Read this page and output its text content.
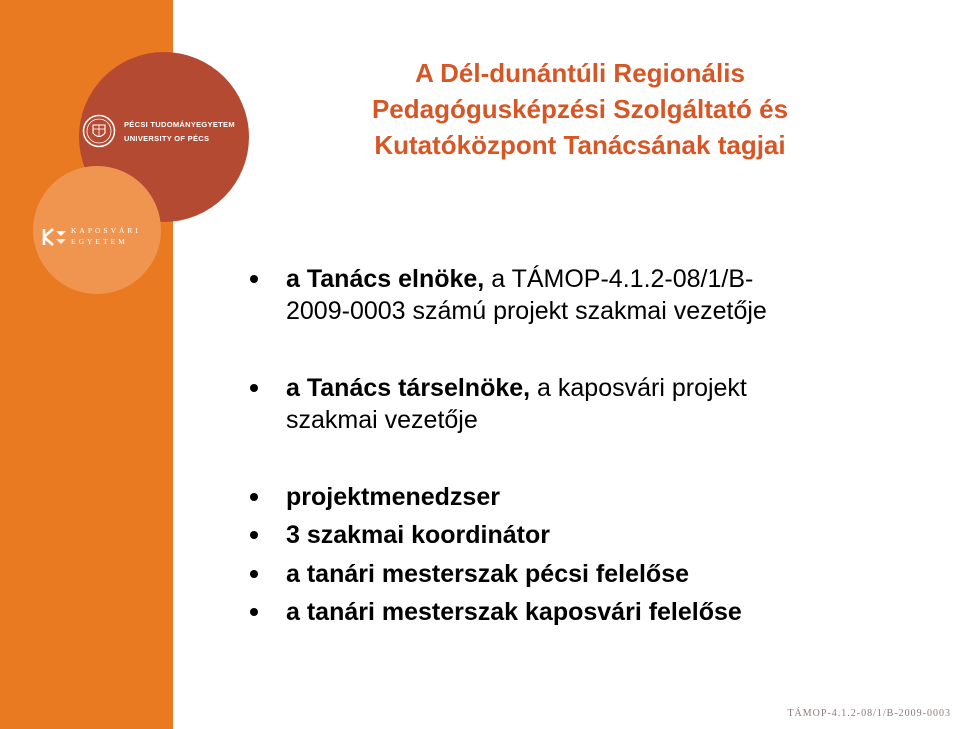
PÉCSI TUDOMÁNYEGYETEM
UNIVERSITY OF PÉCS
KAPOSVÁRI
EGYETEM
A Dél-dunántúli Regionális
Pedagógusképzési Szolgáltató és
Kutatóközpont Tanácsának tagjai
a Tanács elnöke, a TÁMOP-4.1.2-08/1/B-
2009-0003 számú projekt szakmai vezetője
a Tanács társelnöke, a kaposvári projekt
szakmai vezetője
projektmenedzser
3 szakmai koordinátor
a tanári mesterszak pécsi felelőse
a tanári mesterszak kaposvári felelőse
TÁMOP-4.1.2-08/1/B-2009-0003
